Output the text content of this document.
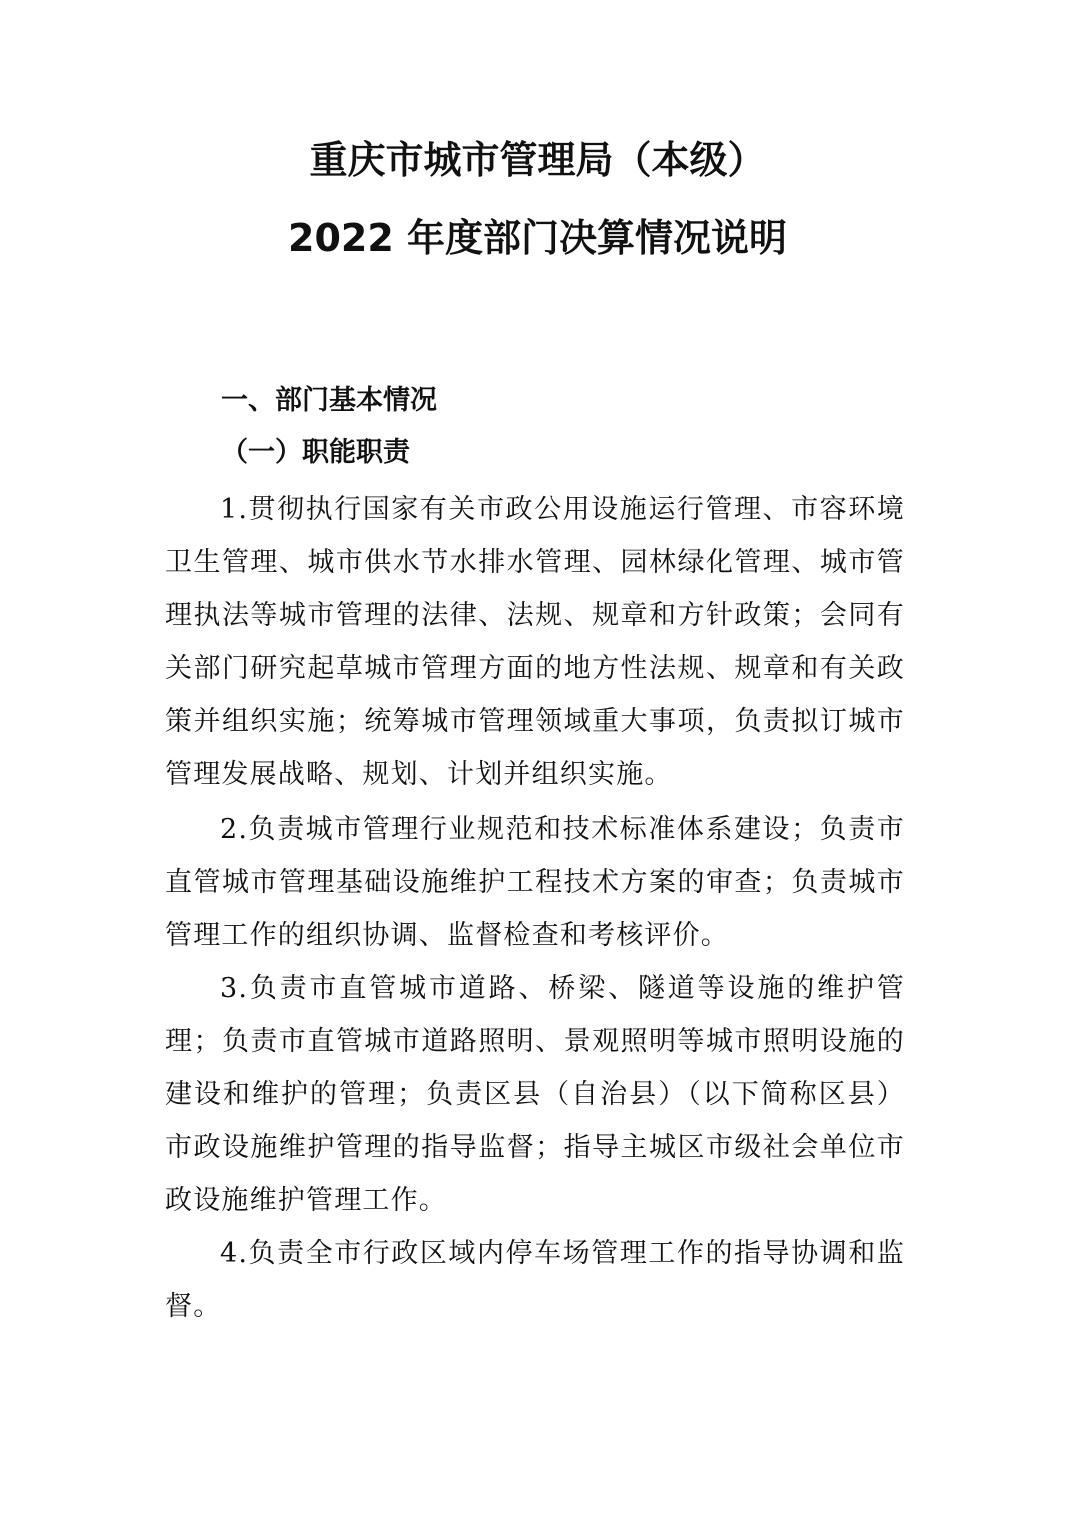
重庆市城市管理局（本级）
2022 年度部门决算情况说明
一、部门基本情况
（一）职能职责

1.贯彻执行国家有关市政公用设施运行管理、市容环境卫生管理、城市供水节水排水管理、园林绿化管理、城市管理执法等城市管理的法律、法规、规章和方针政策；会同有关部门研究起草城市管理方面的地方性法规、规章和有关政策并组织实施；统筹城市管理领域重大事项，负责拟订城市管理发展战略、规划、计划并组织实施。

2.负责城市管理行业规范和技术标准体系建设；负责市直管城市管理基础设施维护工程技术方案的审查；负责城市管理工作的组织协调、监督检查和考核评价。

3.负责市直管城市道路、桥梁、隧道等设施的维护管理；负责市直管城市道路照明、景观照明等城市照明设施的建设和维护的管理；负责区县（自治县）（以下简称区县）市政设施维护管理的指导监督；指导主城区市级社会单位市政设施维护管理工作。

4.负责全市行政区域内停车场管理工作的指导协调和监督。
